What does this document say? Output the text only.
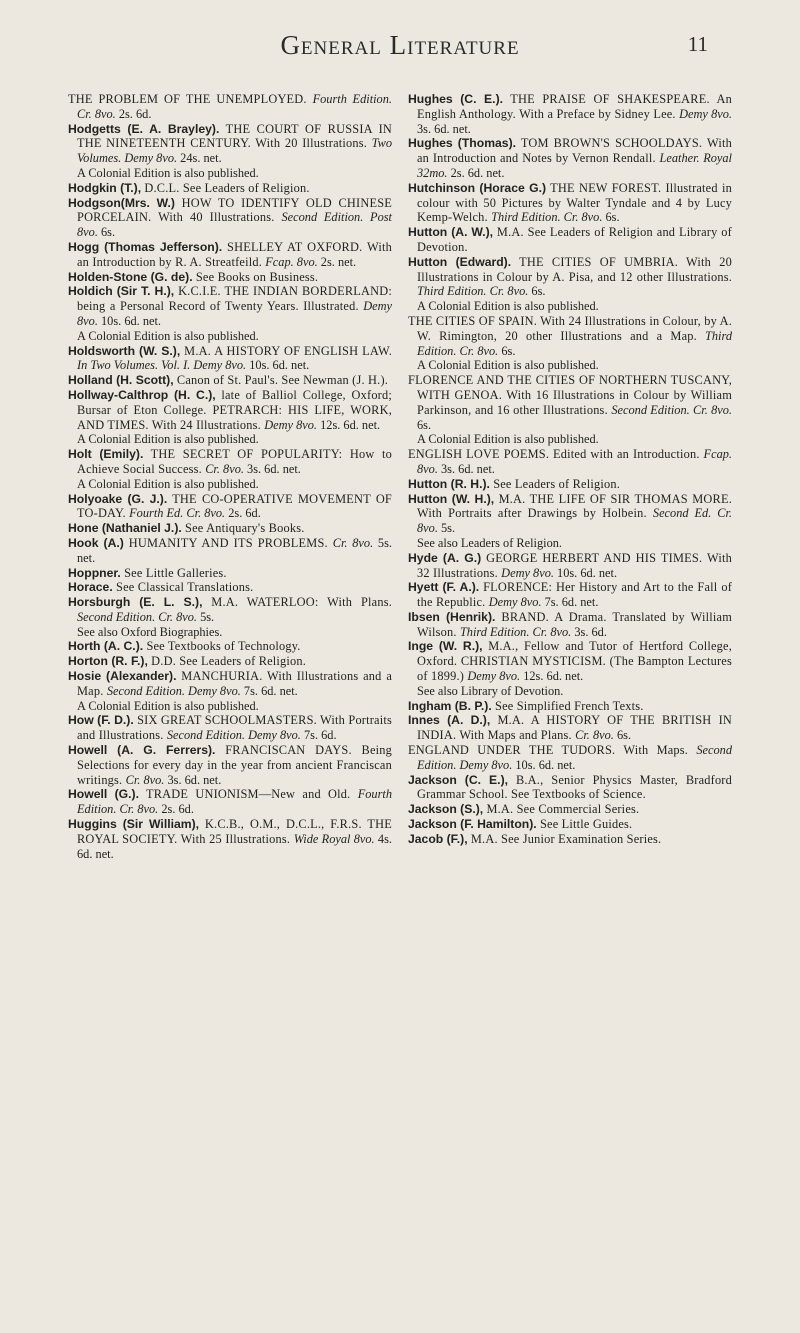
General Literature	11

THE PROBLEM OF THE UNEMPLOYED. Fourth Edition. Cr. 8vo. 2s. 6d.

Hodgetts (E. A. Brayley). THE COURT OF RUSSIA IN THE NINETEENTH CENTURY. With 20 Illustrations. Two Volumes. Demy 8vo. 24s. net.

A Colonial Edition is also published.

Hodgkin (T.), D.C.L. See Leaders of Religion.

Hodgson(Mrs. W.) HOW TO IDENTIFY OLD CHINESE PORCELAIN. With 40 Illustrations. Second Edition. Post 8vo. 6s.

Hogg (Thomas Jefferson). SHELLEY AT OXFORD. With an Introduction by R. A. Streatfeild. Fcap. 8vo. 2s. net.

Holden-Stone (G. de). See Books on Business.

Holdich (Sir T. H.), K.C.I.E. THE INDIAN BORDERLAND: being a Personal Record of Twenty Years. Illustrated. Demy 8vo. 10s. 6d. net.

A Colonial Edition is also published.

Holdsworth (W. S.), M.A. A HISTORY OF ENGLISH LAW. In Two Volumes. Vol. I. Demy 8vo. 10s. 6d. net.

Holland (H. Scott), Canon of St. Paul's. See Newman (J. H.).

Hollway-Calthrop (H. C.), late of Balliol College, Oxford; Bursar of Eton College. PETRARCH: HIS LIFE, WORK, AND TIMES. With 24 Illustrations. Demy 8vo. 12s. 6d. net.

A Colonial Edition is also published.

Holt (Emily). THE SECRET OF POPULARITY: How to Achieve Social Success. Cr. 8vo. 3s. 6d. net.

A Colonial Edition is also published.

Holyoake (G. J.). THE CO-OPERATIVE MOVEMENT OF TO-DAY. Fourth Ed. Cr. 8vo. 2s. 6d.

Hone (Nathaniel J.). See Antiquary's Books.

Hook (A.) HUMANITY AND ITS PROBLEMS. Cr. 8vo. 5s. net.

Hoppner. See Little Galleries.

Horace. See Classical Translations.

Horsburgh (E. L. S.), M.A. WATERLOO: With Plans. Second Edition. Cr. 8vo. 5s.

See also Oxford Biographies.

Horth (A. C.). See Textbooks of Technology.

Horton (R. F.), D.D. See Leaders of Religion.

Hosie (Alexander). MANCHURIA. With Illustrations and a Map. Second Edition. Demy 8vo. 7s. 6d. net.

A Colonial Edition is also published.

How (F. D.). SIX GREAT SCHOOLMASTERS. With Portraits and Illustrations. Second Edition. Demy 8vo. 7s. 6d.

Howell (A. G. Ferrers). FRANCISCAN DAYS. Being Selections for every day in the year from ancient Franciscan writings. Cr. 8vo. 3s. 6d. net.

Howell (G.). TRADE UNIONISM—New and Old. Fourth Edition. Cr. 8vo. 2s. 6d.

Huggins (Sir William), K.C.B., O.M., D.C.L., F.R.S. THE ROYAL SOCIETY. With 25 Illustrations. Wide Royal 8vo. 4s. 6d. net.

Hughes (C. E.). THE PRAISE OF SHAKESPEARE. An English Anthology. With a Preface by Sidney Lee. Demy 8vo. 3s. 6d. net.

Hughes (Thomas). TOM BROWN'S SCHOOLDAYS. With an Introduction and Notes by Vernon Rendall. Leather. Royal 32mo. 2s. 6d. net.

Hutchinson (Horace G.) THE NEW FOREST. Illustrated in colour with 50 Pictures by Walter Tyndale and 4 by Lucy Kemp-Welch. Third Edition. Cr. 8vo. 6s.

Hutton (A. W.), M.A. See Leaders of Religion and Library of Devotion.

Hutton (Edward). THE CITIES OF UMBRIA. With 20 Illustrations in Colour by A. Pisa, and 12 other Illustrations. Third Edition. Cr. 8vo. 6s.

A Colonial Edition is also published.

THE CITIES OF SPAIN. With 24 Illustrations in Colour, by A. W. Rimington, 20 other Illustrations and a Map. Third Edition. Cr. 8vo. 6s.

A Colonial Edition is also published.

FLORENCE AND THE CITIES OF NORTHERN TUSCANY, WITH GENOA. With 16 Illustrations in Colour by William Parkinson, and 16 other Illustrations. Second Edition. Cr. 8vo. 6s.

A Colonial Edition is also published.

ENGLISH LOVE POEMS. Edited with an Introduction. Fcap. 8vo. 3s. 6d. net.

Hutton (R. H.). See Leaders of Religion.

Hutton (W. H.), M.A. THE LIFE OF SIR THOMAS MORE. With Portraits after Drawings by Holbein. Second Ed. Cr. 8vo. 5s.

See also Leaders of Religion.

Hyde (A. G.) GEORGE HERBERT AND HIS TIMES. With 32 Illustrations. Demy 8vo. 10s. 6d. net.

Hyett (F. A.). FLORENCE: Her History and Art to the Fall of the Republic. Demy 8vo. 7s. 6d. net.

Ibsen (Henrik). BRAND. A Drama. Translated by William Wilson. Third Edition. Cr. 8vo. 3s. 6d.

Inge (W. R.), M.A., Fellow and Tutor of Hertford College, Oxford. CHRISTIAN MYSTICISM. (The Bampton Lectures of 1899.) Demy 8vo. 12s. 6d. net.

See also Library of Devotion.

Ingham (B. P.). See Simplified French Texts.

Innes (A. D.), M.A. A HISTORY OF THE BRITISH IN INDIA. With Maps and Plans. Cr. 8vo. 6s.

ENGLAND UNDER THE TUDORS. With Maps. Second Edition. Demy 8vo. 10s. 6d. net.

Jackson (C. E.), B.A., Senior Physics Master, Bradford Grammar School. See Textbooks of Science.

Jackson (S.), M.A. See Commercial Series.

Jackson (F. Hamilton). See Little Guides.

Jacob (F.), M.A. See Junior Examination Series.
